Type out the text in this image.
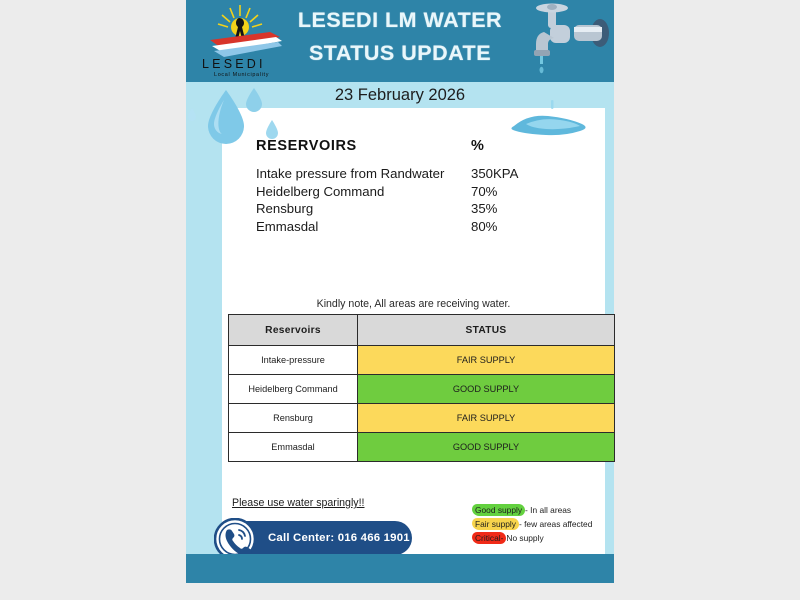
LESEDI
Local Municipality
LESEDI LM WATER
STATUS UPDATE
23 February 2026
RESERVOIRS	%
Intake pressure from Randwater	350KPA
Heidelberg Command	70%
Rensburg	35%
Emmasdal	80%
Kindly note, All areas are receiving water.
Reservoirs	STATUS
Intake-pressure	FAIR SUPPLY
Heidelberg Command	GOOD SUPPLY
Rensburg	FAIR SUPPLY
Emmasdal	GOOD SUPPLY
Please use water sparingly!!
Call Center: 016 466 1901
Good supply - In all areas
Fair supply - few areas affected
Critical- No supply
